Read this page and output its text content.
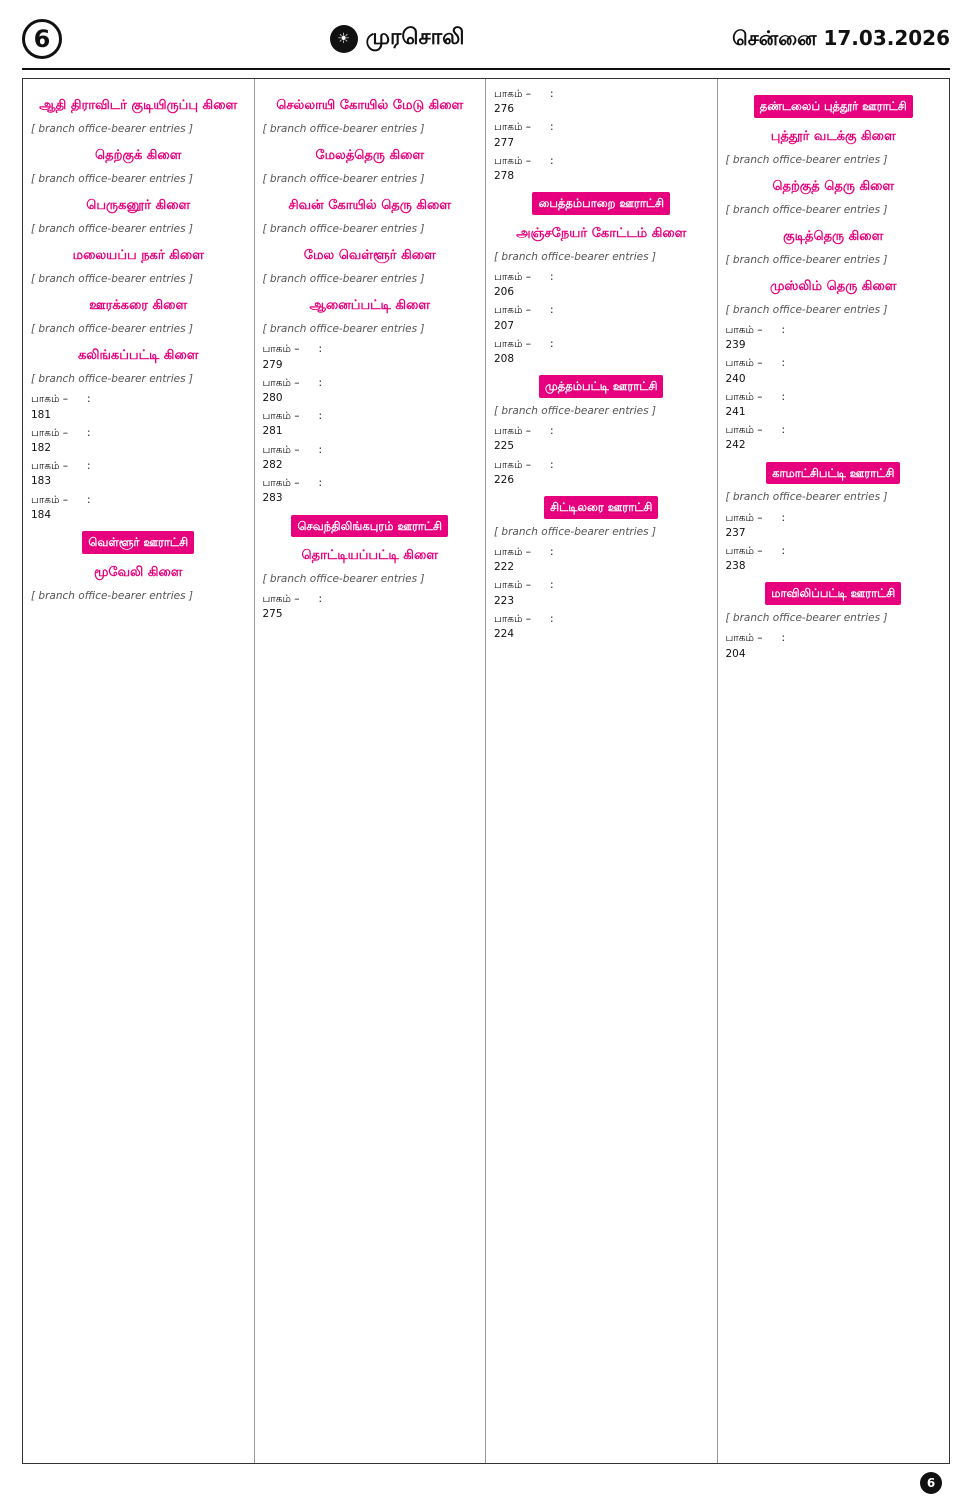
6	☀ முரசொலி	சென்னை 17.03.2026
ஆதி திராவிடர் குடியிருப்பு கிளை

[ branch office-bearer entries ]

தெற்குக் கிளை

[ branch office-bearer entries ]

பெருகனூர் கிளை

[ branch office-bearer entries ]

மலையப்ப நகர் கிளை

[ branch office-bearer entries ]

ஊரக்கரை கிளை

[ branch office-bearer entries ]

கலிங்கப்பட்டி கிளை

[ branch office-bearer entries ]

பாகம் – 181
:
பாகம் – 182
:
பாகம் – 183
:
பாகம் – 184
:
வெள்ளூர் ஊராட்சி
மூவேலி கிளை

[ branch office-bearer entries ]

செல்லாயி கோயில் மேடு கிளை

[ branch office-bearer entries ]

மேலத்தெரு கிளை

[ branch office-bearer entries ]

சிவன் கோயில் தெரு கிளை

[ branch office-bearer entries ]

மேல வெள்ளூர் கிளை

[ branch office-bearer entries ]

ஆனைப்பட்டி கிளை

[ branch office-bearer entries ]

பாகம் – 279
:
பாகம் – 280
:
பாகம் – 281
:
பாகம் – 282
:
பாகம் – 283
:
செவந்திலிங்கபுரம் ஊராட்சி
தொட்டியப்பட்டி கிளை

[ branch office-bearer entries ]

பாகம் – 275
:
பாகம் – 276
:
பாகம் – 277
:
பாகம் – 278
:
பைத்தம்பாறை ஊராட்சி
அஞ்சநேயர் கோட்டம் கிளை

[ branch office-bearer entries ]

பாகம் – 206
:
பாகம் – 207
:
பாகம் – 208
:
முத்தம்பட்டி ஊராட்சி

[ branch office-bearer entries ]

பாகம் – 225
:
பாகம் – 226
:
சிட்டிலரை ஊராட்சி

[ branch office-bearer entries ]

பாகம் – 222
:
பாகம் – 223
:
பாகம் – 224
:
தண்டலைப் புத்தூர் ஊராட்சி
புத்தூர் வடக்கு கிளை

[ branch office-bearer entries ]

தெற்குத் தெரு கிளை

[ branch office-bearer entries ]

குடித்தெரு கிளை

[ branch office-bearer entries ]

முஸ்லிம் தெரு கிளை

[ branch office-bearer entries ]

பாகம் – 239
:
பாகம் – 240
:
பாகம் – 241
:
பாகம் – 242
:
காமாட்சிபட்டி ஊராட்சி

[ branch office-bearer entries ]

பாகம் – 237
:
பாகம் – 238
:
மாவிலிப்பட்டி ஊராட்சி

[ branch office-bearer entries ]

பாகம் – 204
:
6
